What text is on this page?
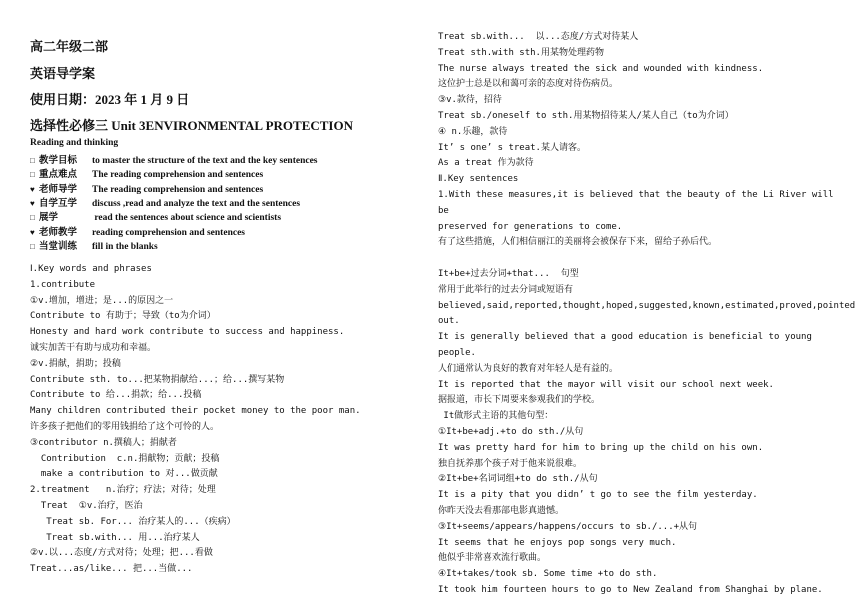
高二年级二部
英语导学案
使用日期：2023 年 1 月 9 日
选择性必修三 Unit 3ENVIRONMENTAL PROTECTION
Reading and thinking
□ 教学目标 to master the structure of the text and the key sentences
□ 重点难点 The reading comprehension and sentences
♥ 老师导学 The reading comprehension and sentences
♥ 自学互学 discuss ,read and analyze the text and the sentences
□ 展学	read the sentences about science and scientists
♥ 老师教学 reading comprehension and sentences
□ 当堂训练 fill in the blanks
Ⅰ.Key words and phrases
1.contribute
①v.增加，增进；是...的原因之一
Contribute to 有助于；导致（to为介词）
Honesty and hard work contribute to success and happiness.
诚实加苦干有助与成功和幸福。
②v.捐献，捐助；投稿
Contribute sth. to...把某物捐献给...；给...撰写某物
Contribute to 给...捐款；给...投稿
Many children contributed their pocket money to the poor man.
许多孩子把他们的零用钱捐给了这个可怜的人。
③contributor n.撰稿人；捐献者
Contribution  c.n.捐献物；贡献；投稿
make a contribution to 对...做贡献
2.treatment   n.治疗；疗法；对待；处理
Treat  ①v.治疗，医治
Treat sb. For... 治疗某人的...（疾病）
Treat sb.with... 用...治疗某人
②v.以...态度/方式对待；处理；把...看做
Treat...as/like... 把...当做...
Treat sb.with...  以...态度/方式对待某人
Treat sth.with sth.用某物处理药物
The nurse always treated the sick and wounded with kindness.
这位护士总是以和蔼可亲的态度对待伤病员。
③v.款待，招待
Treat sb./oneself to sth.用某物招待某人/某人自己（to为介词）
④ n.乐趣，款待
It’ s one’ s treat.某人请客。
As a treat 作为款待
Ⅱ.Key sentences
1.With these measures,it is believed that the beauty of the Li River will be
preserved for generations to come.
有了这些措施，人们相信丽江的美丽将会被保存下来，留给子孙后代。

It+be+过去分词+that...  句型
常用于此举行的过去分词或短语有
believed,said,reported,thought,hoped,suggested,known,estimated,proved,pointed
out.
It is generally believed that a good education is beneficial to young people.
人们通常认为良好的教育对年轻人是有益的。
It is reported that the mayor will visit our school next week.
据报道，市长下周要来参观我们的学校。
It做形式主语的其他句型：
①It+be+adj.+to do sth./从句
It was pretty hard for him to bring up the child on his own.
独自抚养那个孩子对于他来说很难。
②It+be+名词词组+to do sth./从句
It is a pity that you didn’ t go to see the film yesterday.
你昨天没去看那部电影真遗憾。
③It+seems/appears/happens/occurs to sb./...+从句
It seems that he enjoys pop songs very much.
他似乎非常喜欢流行歌曲。
④It+takes/took sb. Some time +to do sth.
It took him fourteen hours to go to New Zealand from Shanghai by plane.
